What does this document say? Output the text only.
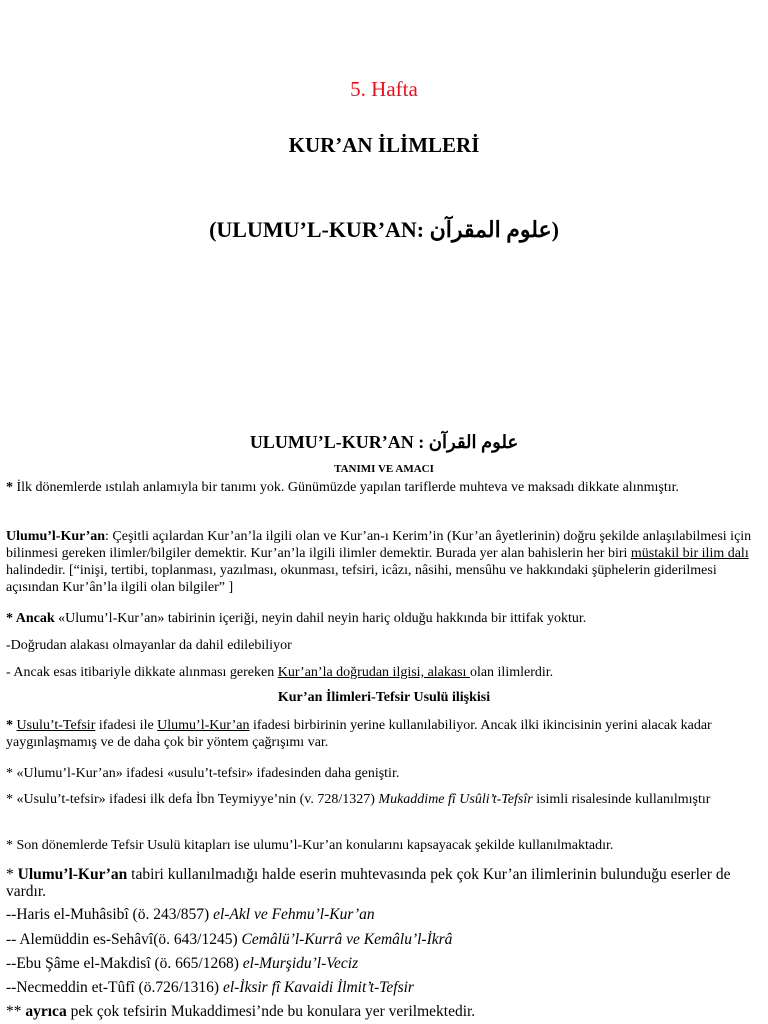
5. Hafta
KUR’AN İLİMLERİ
(ULUMU’L-KUR’AN: علوم المقرآن)
ULUMU’L-KUR’AN : علوم القرآن
TANIMI VE AMACI
* İlk dönemlerde ıstılah anlamıyla bir tanımı yok. Günümüzde yapılan tariflerde muhteva ve maksadı dikkate alınmıştır.
Ulumu’l-Kur’an: Çeşitli açılardan Kur’an’la ilgili olan ve Kur’an-ı Kerim’in (Kur’an âyetlerinin) doğru şekilde anlaşılabilmesi için bilinmesi gereken ilimler/bilgiler demektir. Kur’an’la ilgili ilimler demektir. Burada yer alan bahislerin her biri müstakil bir ilim dalı halindedir. [“inişi, tertibi, toplanması, yazılması, okunması, tefsiri, icâzı, nâsihi, mensûhu ve hakkındaki şüphelerin giderilmesi açısından Kur’ân’la ilgili olan bilgiler” ]
* Ancak «Ulumu’l-Kur’an» tabirinin içeriği, neyin dahil neyin hariç olduğu hakkında bir ittifak yoktur.
-Doğrudan alakası olmayanlar da dahil edilebiliyor
- Ancak esas itibariyle dikkate alınması gereken Kur’an’la doğrudan ilgisi, alakası olan ilimlerdir.
Kur’an İlimleri-Tefsir Usulü ilişkisi
* Usulu’t-Tefsir ifadesi ile Ulumu’l-Kur’an ifadesi birbirinin yerine kullanılabiliyor. Ancak ilki ikincisinin yerini alacak kadar yaygınlaşmamış ve de daha çok bir yöntem çağrışımı var.
* «Ulumu’l-Kur’an» ifadesi «usulu’t-tefsir» ifadesinden daha geniştir.
* «Usulu’t-tefsir» ifadesi ilk defa İbn Teymiyye’nin (v. 728/1327) Mukaddime fî Usûli’t-Tefsîr isimli risalesinde kullanılmıştır
* Son dönemlerde Tefsir Usulü kitapları ise ulumu’l-Kur’an konularını kapsayacak şekilde kullanılmaktadır.
* Ulumu’l-Kur’an tabiri kullanılmadığı halde eserin muhtevasında pek çok Kur’an ilimlerinin bulunduğu eserler de vardır.
--Haris el-Muhâsibî (ö. 243/857) el-Akl ve Fehmu’l-Kur’an
-- Alemüddin es-Sehâvî(ö. 643/1245) Cemâlü’l-Kurrâ ve Kemâlu’l-İkrâ
--Ebu Şâme el-Makdisî (ö. 665/1268) el-Murşidu’l-Veciz
--Necmeddin et-Tûfî (ö.726/1316) el-İksir fî Kavaidi İlmit’t-Tefsir
** ayrıca pek çok tefsirin Mukaddimesi’nde bu konulara yer verilmektedir.
